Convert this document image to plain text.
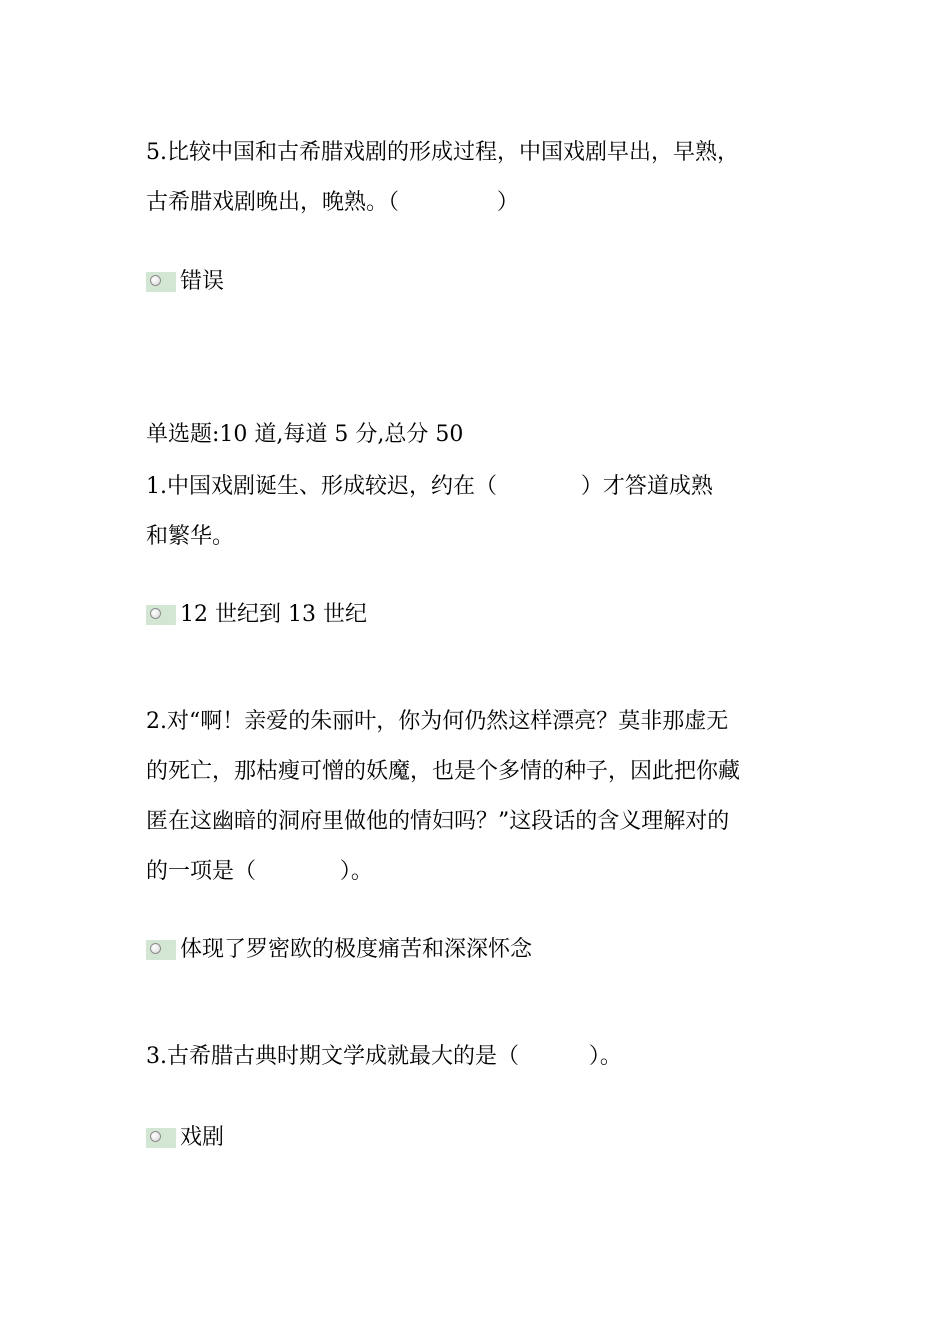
5.比较中国和古希腊戏剧的形成过程，中国戏剧早出，早熟，
古希腊戏剧晚出，晚熟。（              ）
错误
单选题:10 道,每道 5 分,总分 50
1.中国戏剧诞生、形成较迟，约在（            ）才答道成熟
和繁华。
12 世纪到 13 世纪
2.对“啊！亲爱的朱丽叶，你为何仍然这样漂亮？莫非那虚无
的死亡，那枯瘦可憎的妖魔，也是个多情的种子，因此把你藏
匿在这幽暗的洞府里做他的情妇吗？”这段话的含义理解对的
的一项是（            ）。
体现了罗密欧的极度痛苦和深深怀念
3.古希腊古典时期文学成就最大的是（          ）。
戏剧
